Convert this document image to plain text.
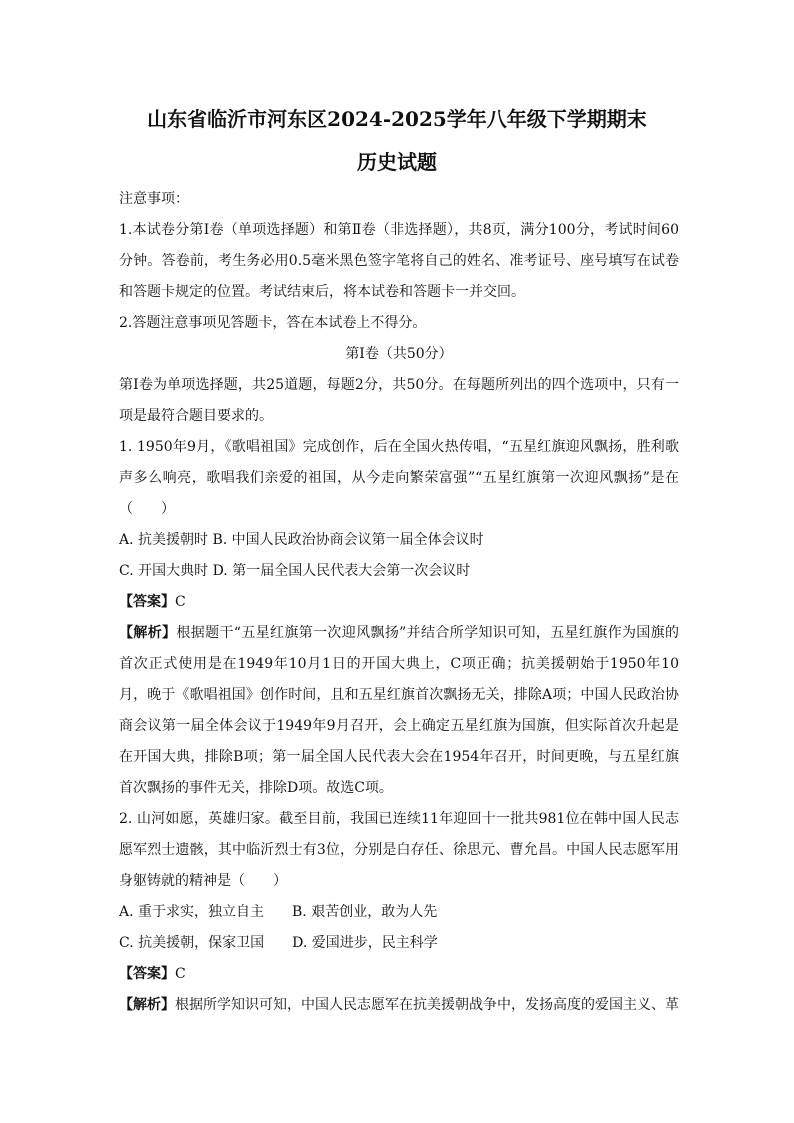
山东省临沂市河东区2024-2025学年八年级下学期期末
历史试题

注意事项：

1.本试卷分第Ⅰ卷（单项选择题）和第Ⅱ卷（非选择题），共8页，满分100分，考试时间60分钟。答卷前，考生务必用0.5毫米黑色签字笔将自己的姓名、准考证号、座号填写在试卷和答题卡规定的位置。考试结束后，将本试卷和答题卡一并交回。

2.答题注意事项见答题卡，答在本试卷上不得分。

第Ⅰ卷（共50分）

第Ⅰ卷为单项选择题，共25道题，每题2分，共50分。在每题所列出的四个选项中，只有一项是最符合题目要求的。

1. 1950年9月，《歌唱祖国》完成创作，后在全国火热传唱，“五星红旗迎风飘扬，胜利歌声多么响亮，歌唱我们亲爱的祖国，从今走向繁荣富强”“五星红旗第一次迎风飘扬”是在（　　）

A. 抗美援朝时 B. 中国人民政治协商会议第一届全体会议时

C. 开国大典时 D. 第一届全国人民代表大会第一次会议时

【答案】C

【解析】根据题干“五星红旗第一次迎风飘扬”并结合所学知识可知，五星红旗作为国旗的首次正式使用是在1949年10月1日的开国大典上，C项正确；抗美援朝始于1950年10月，晚于《歌唱祖国》创作时间，且和五星红旗首次飘扬无关，排除A项；中国人民政治协商会议第一届全体会议于1949年9月召开，会上确定五星红旗为国旗，但实际首次升起是在开国大典，排除B项；第一届全国人民代表大会在1954年召开，时间更晚，与五星红旗首次飘扬的事件无关，排除D项。故选C项。

2. 山河如愿，英雄归家。截至目前，我国已连续11年迎回十一批共981位在韩中国人民志愿军烈士遗骸，其中临沂烈士有3位，分别是白存任、徐思元、曹允昌。中国人民志愿军用身躯铸就的精神是（　　）

A. 重于求实，独立自主　　B. 艰苦创业，敢为人先

C. 抗美援朝，保家卫国　　D. 爱国进步，民主科学

【答案】C

【解析】根据所学知识可知，中国人民志愿军在抗美援朝战争中，发扬高度的爱国主义、革
